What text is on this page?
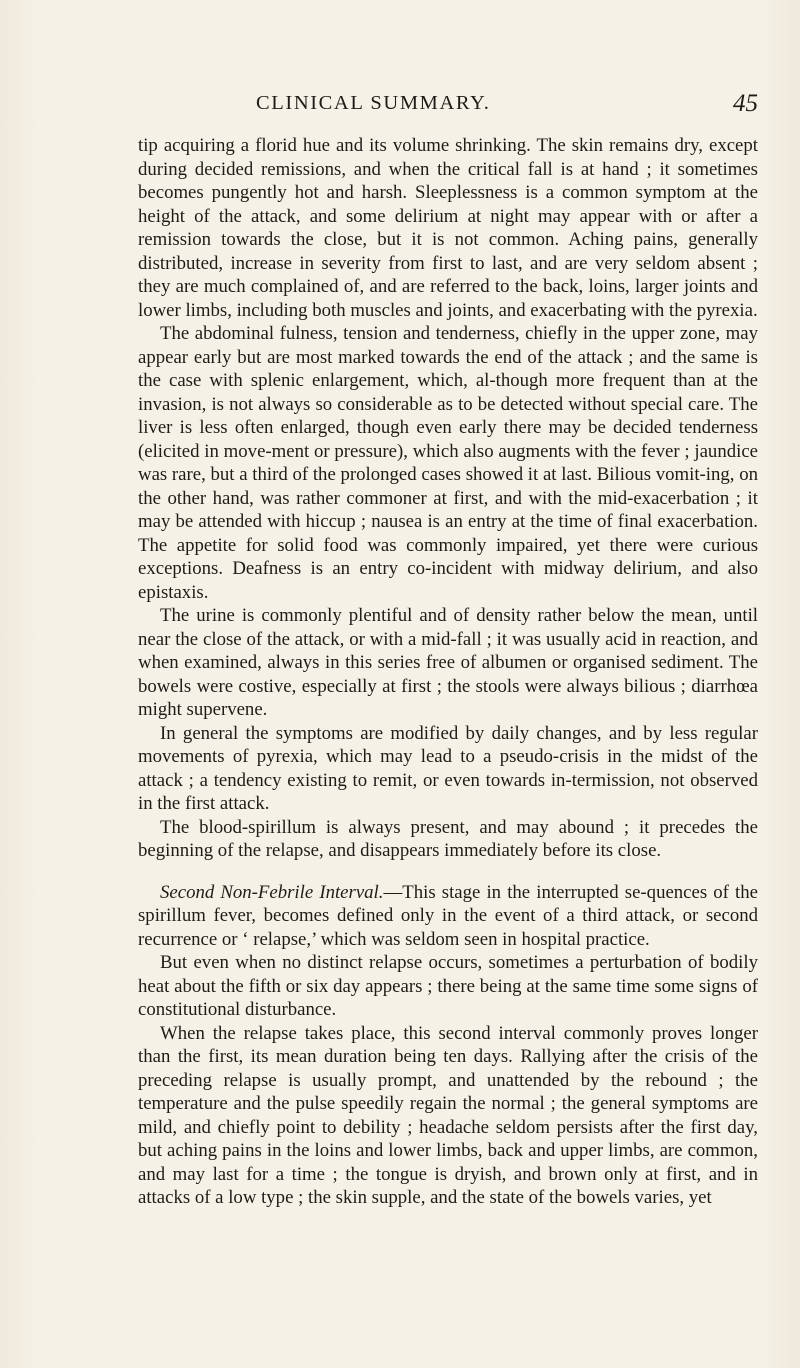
CLINICAL SUMMARY.	45

tip acquiring a florid hue and its volume shrinking. The skin remains dry, except during decided remissions, and when the critical fall is at hand ; it sometimes becomes pungently hot and harsh. Sleeplessness is a common symptom at the height of the attack, and some delirium at night may appear with or after a remission towards the close, but it is not common. Aching pains, generally distributed, increase in severity from first to last, and are very seldom absent ; they are much complained of, and are referred to the back, loins, larger joints and lower limbs, including both muscles and joints, and exacerbating with the pyrexia.

The abdominal fulness, tension and tenderness, chiefly in the upper zone, may appear early but are most marked towards the end of the attack ; and the same is the case with splenic enlargement, which, al-though more frequent than at the invasion, is not always so considerable as to be detected without special care. The liver is less often enlarged, though even early there may be decided tenderness (elicited in move-ment or pressure), which also augments with the fever ; jaundice was rare, but a third of the prolonged cases showed it at last. Bilious vomit-ing, on the other hand, was rather commoner at first, and with the mid-exacerbation ; it may be attended with hiccup ; nausea is an entry at the time of final exacerbation. The appetite for solid food was commonly impaired, yet there were curious exceptions. Deafness is an entry co-incident with midway delirium, and also epistaxis.

The urine is commonly plentiful and of density rather below the mean, until near the close of the attack, or with a mid-fall ; it was usually acid in reaction, and when examined, always in this series free of albumen or organised sediment. The bowels were costive, especially at first ; the stools were always bilious ; diarrhœa might supervene.

In general the symptoms are modified by daily changes, and by less regular movements of pyrexia, which may lead to a pseudo-crisis in the midst of the attack ; a tendency existing to remit, or even towards in-termission, not observed in the first attack.

The blood-spirillum is always present, and may abound ; it precedes the beginning of the relapse, and disappears immediately before its close.

Second Non-Febrile Interval.—This stage in the interrupted se-quences of the spirillum fever, becomes defined only in the event of a third attack, or second recurrence or ‘ relapse,’ which was seldom seen in hospital practice.

But even when no distinct relapse occurs, sometimes a perturbation of bodily heat about the fifth or six day appears ; there being at the same time some signs of constitutional disturbance.

When the relapse takes place, this second interval commonly proves longer than the first, its mean duration being ten days. Rallying after the crisis of the preceding relapse is usually prompt, and unattended by the rebound ; the temperature and the pulse speedily regain the normal ; the general symptoms are mild, and chiefly point to debility ; headache seldom persists after the first day, but aching pains in the loins and lower limbs, back and upper limbs, are common, and may last for a time ; the tongue is dryish, and brown only at first, and in attacks of a low type ; the skin supple, and the state of the bowels varies, yet
